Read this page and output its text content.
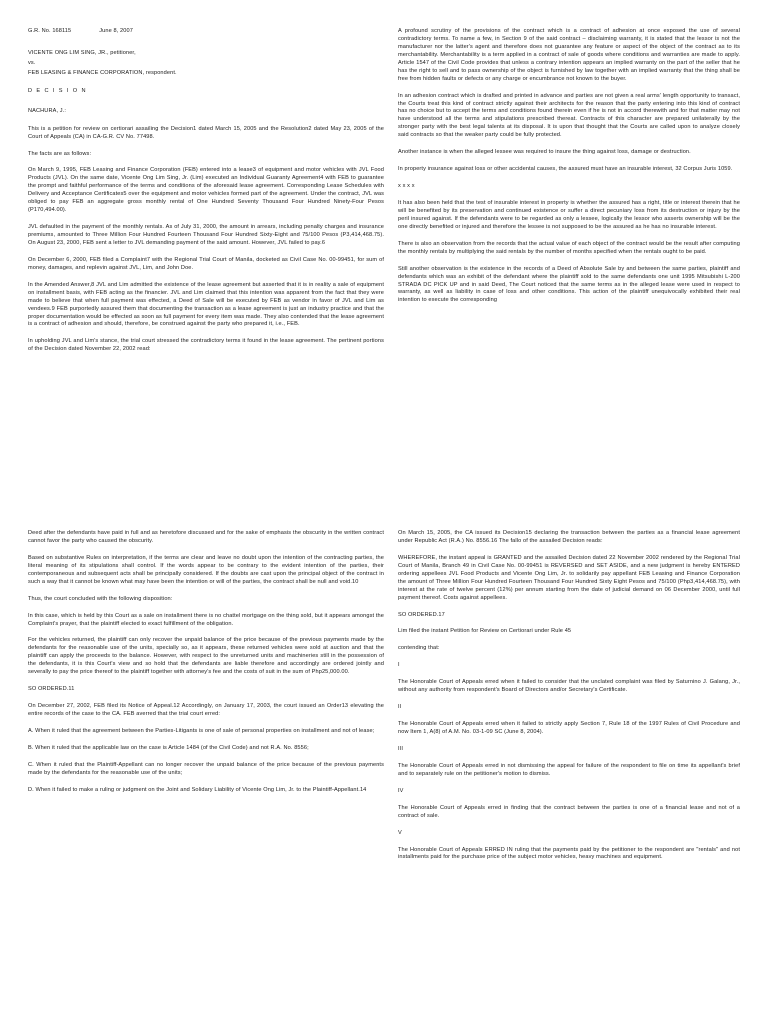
G.R. No. 168115	June 8, 2007
VICENTE ONG LIM SING, JR., petitioner,
vs.
FEB LEASING & FINANCE CORPORATION, respondent.
D E C I S I O N
NACHURA, J.:

This is a petition for review on certiorari assailing the Decision1 dated March 15, 2005 and the Resolution2 dated May 23, 2005 of the Court of Appeals (CA) in CA-G.R. CV No. 77498.

The facts are as follows:

On March 9, 1995, FEB Leasing and Finance Corporation (FEB) entered into a lease3 of equipment and motor vehicles with JVL Food Products (JVL). On the same date, Vicente Ong Lim Sing, Jr. (Lim) executed an Individual Guaranty Agreement4 with FEB to guarantee the prompt and faithful performance of the terms and conditions of the aforesaid lease agreement. Corresponding Lease Schedules with Delivery and Acceptance Certificates5 over the equipment and motor vehicles formed part of the agreement. Under the contract, JVL was obliged to pay FEB an aggregate gross monthly rental of One Hundred Seventy Thousand Four Hundred Ninety-Four Pesos (P170,494.00).

JVL defaulted in the payment of the monthly rentals. As of July 31, 2000, the amount in arrears, including penalty charges and insurance premiums, amounted to Three Million Four Hundred Fourteen Thousand Four Hundred Sixty-Eight and 75/100 Pesos (P3,414,468.75). On August 23, 2000, FEB sent a letter to JVL demanding payment of the said amount. However, JVL failed to pay.6

On December 6, 2000, FEB filed a Complaint7 with the Regional Trial Court of Manila, docketed as Civil Case No. 00-99451, for sum of money, damages, and replevin against JVL, Lim, and John Doe.

In the Amended Answer,8 JVL and Lim admitted the existence of the lease agreement but asserted that it is in reality a sale of equipment on installment basis, with FEB acting as the financier. JVL and Lim claimed that this intention was apparent from the fact that they were made to believe that when full payment was effected, a Deed of Sale will be executed by FEB as vendor in favor of JVL and Lim as vendees.9 FEB purportedly assured them that documenting the transaction as a lease agreement is just an industry practice and that the proper documentation would be effected as soon as full payment for every item was made. They also contended that the lease agreement is a contract of adhesion and should, therefore, be construed against the party who prepared it, i.e., FEB.

In upholding JVL and Lim's stance, the trial court stressed the contradictory terms it found in the lease agreement. The pertinent portions of the Decision dated November 22, 2002 read:

A profound scrutiny of the provisions of the contract which is a contract of adhesion at once exposed the use of several contradictory terms. To name a few, in Section 9 of the said contract – disclaiming warranty, it is stated that the lessor is not the manufacturer nor the latter's agent and therefore does not guarantee any feature or aspect of the object of the contract as to its merchantability. Merchantability is a term applied in a contract of sale of goods where conditions and warranties are made to apply. Article 1547 of the Civil Code provides that unless a contrary intention appears an implied warranty on the part of the seller that he has the right to sell and to pass ownership of the object is furnished by law together with an implied warranty that the thing shall be free from hidden faults or defects or any charge or encumbrance not known to the buyer.

In an adhesion contract which is drafted and printed in advance and parties are not given a real arms' length opportunity to transact, the Courts treat this kind of contract strictly against their architects for the reason that the party entering into this kind of contract has no choice but to accept the terms and conditions found therein even if he is not in accord therewith and for that matter may not have understood all the terms and stipulations prescribed thereat. Contracts of this character are prepared unilaterally by the stronger party with the best legal talents at its disposal. It is upon that thought that the Courts are called upon to analyze closely said contracts so that the weaker party could be fully protected.

Another instance is when the alleged lessee was required to insure the thing against loss, damage or destruction.

In property insurance against loss or other accidental causes, the assured must have an insurable interest, 32 Corpus Juris 1059.

x x x x

It has also been held that the test of insurable interest in property is whether the assured has a right, title or interest therein that he will be benefited by its preservation and continued existence or suffer a direct pecuniary loss from its destruction or injury by the peril insured against. If the defendants were to be regarded as only a lessee, logically the lessor who asserts ownership will be the one directly benefited or injured and therefore the lessee is not supposed to be the assured as he has no insurable interest.

There is also an observation from the records that the actual value of each object of the contract would be the result after computing the monthly rentals by multiplying the said rentals by the number of months specified when the rentals ought to be paid.

Still another observation is the existence in the records of a Deed of Absolute Sale by and between the same parties, plaintiff and defendants which was an exhibit of the defendant where the plaintiff sold to the same defendants one unit 1995 Mitsubishi L-200 STRADA DC PICK UP and in said Deed, The Court noticed that the same terms as in the alleged lease were used in respect to warranty, as well as liability in case of loss and other conditions. This action of the plaintiff unequivocally exhibited their real intention to execute the corresponding

Deed after the defendants have paid in full and as heretofore discussed and for the sake of emphasis the obscurity in the written contract cannot favor the party who caused the obscurity.

Based on substantive Rules on interpretation, if the terms are clear and leave no doubt upon the intention of the contracting parties, the literal meaning of its stipulations shall control. If the words appear to be contrary to the evident intention of the parties, their contemporaneous and subsequent acts shall be principally considered. If the doubts are cast upon the principal object of the contract in such a way that it cannot be known what may have been the intention or will of the parties, the contract shall be null and void.10

Thus, the court concluded with the following disposition:

In this case, which is held by this Court as a sale on installment there is no chattel mortgage on the thing sold, but it appears amongst the Complaint's prayer, that the plaintiff elected to exact fulfillment of the obligation.

For the vehicles returned, the plaintiff can only recover the unpaid balance of the price because of the previous payments made by the defendants for the reasonable use of the units, specially so, as it appears, these returned vehicles were sold at auction and that the plaintiff can apply the proceeds to the balance. However, with respect to the unreturned units and machineries still in the possession of the defendants, it is this Court's view and so hold that the defendants are liable therefore and accordingly are ordered jointly and severally to pay the price thereof to the plaintiff together with attorney's fee and the costs of suit in the sum of Php25,000.00.

SO ORDERED.11

On December 27, 2002, FEB filed its Notice of Appeal.12 Accordingly, on January 17, 2003, the court issued an Order13 elevating the entire records of the case to the CA. FEB averred that the trial court erred:

A. When it ruled that the agreement between the Parties-Litigants is one of sale of personal properties on installment and not of lease;

B. When it ruled that the applicable law on the case is Article 1484 (of the Civil Code) and not R.A. No. 8556;

C. When it ruled that the Plaintiff-Appellant can no longer recover the unpaid balance of the price because of the previous payments made by the defendants for the reasonable use of the units;

D. When it failed to make a ruling or judgment on the Joint and Solidary Liability of Vicente Ong Lim, Jr. to the Plaintiff-Appellant.14

On March 15, 2005, the CA issued its Decision15 declaring the transaction between the parties as a financial lease agreement under Republic Act (R.A.) No. 8556.16 The fallo of the assailed Decision reads:

WHEREFORE, the instant appeal is GRANTED and the assailed Decision dated 22 November 2002 rendered by the Regional Trial Court of Manila, Branch 49 in Civil Case No. 00-99451 is REVERSED and SET ASIDE, and a new judgment is hereby ENTERED ordering appellees JVL Food Products and Vicente Ong Lim, Jr. to solidarily pay appellant FEB Leasing and Finance Corporation the amount of Three Million Four Hundred Fourteen Thousand Four Hundred Sixty Eight Pesos and 75/100 (Php3,414,468.75), with interest at the rate of twelve percent (12%) per annum starting from the date of judicial demand on 06 December 2000, until full payment thereof. Costs against appellees.

SO ORDERED.17

Lim filed the instant Petition for Review on Certiorari under Rule 45

contending that:

I

The Honorable Court of Appeals erred when it failed to consider that the unclated complaint was filed by Saturnino J. Galang, Jr., without any authority from respondent's Board of Directors and/or Secretary's Certificate.

II

The Honorable Court of Appeals erred when it failed to strictly apply Section 7, Rule 18 of the 1997 Rules of Civil Procedure and now Item 1, A(8) of A.M. No. 03-1-09 SC (June 8, 2004).

III

The Honorable Court of Appeals erred in not dismissing the appeal for failure of the respondent to file on time its appellant's brief and to separately rule on the petitioner's motion to dismiss.

IV

The Honorable Court of Appeals erred in finding that the contract between the parties is one of a financial lease and not of a contract of sale.

V

The Honorable Court of Appeals ERRED IN ruling that the payments paid by the petitioner to the respondent are "rentals" and not installments paid for the purchase price of the subject motor vehicles, heavy machines and equipment.
